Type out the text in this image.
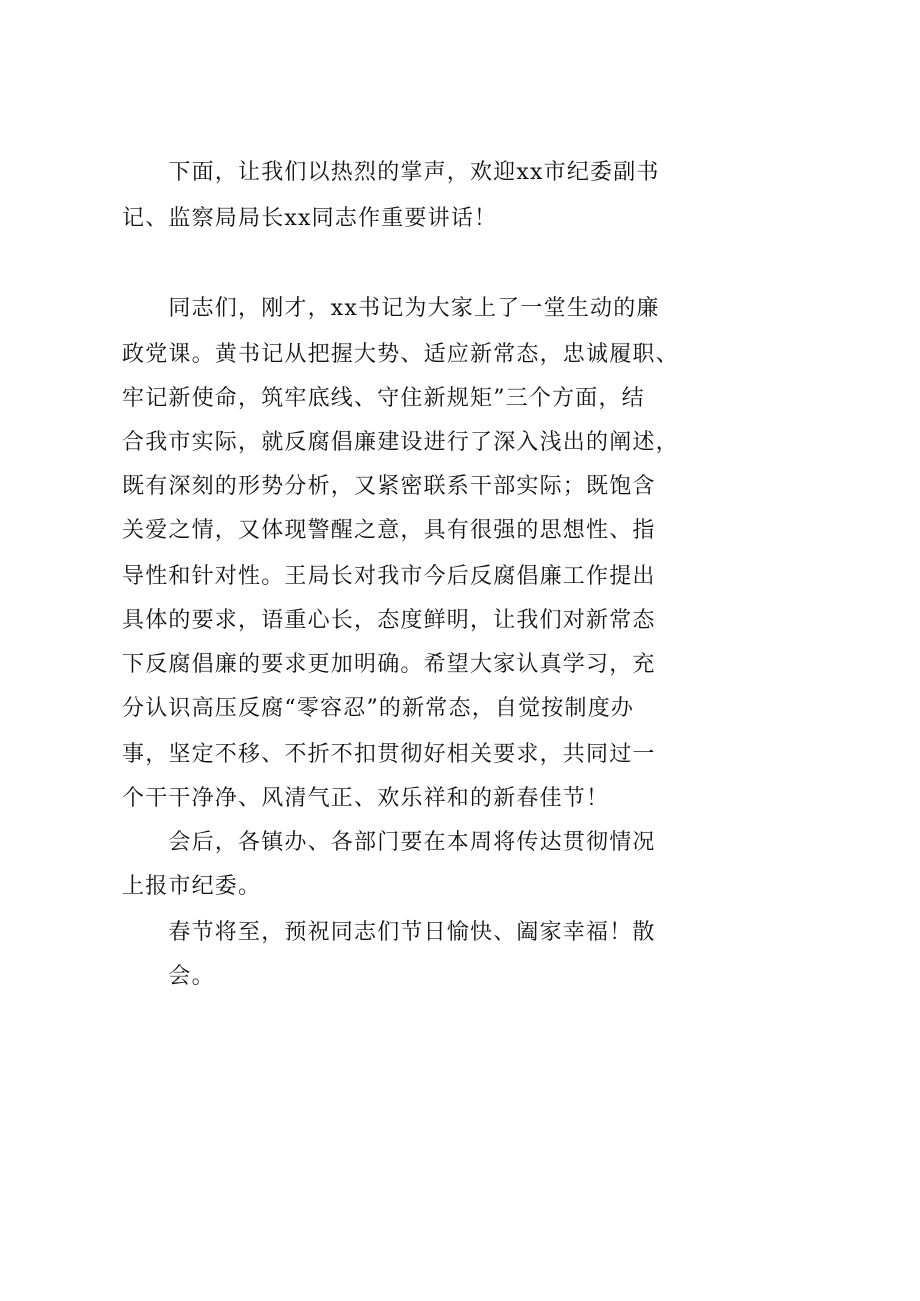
　　下面，让我们以热烈的掌声，欢迎xx市纪委副书
记、监察局局长xx同志作重要讲话！
　　同志们，刚才，xx书记为大家上了一堂生动的廉
政党课。黄书记从把握大势、适应新常态，忠诚履职、
牢记新使命，筑牢底线、守住新规矩”三个方面，结
合我市实际，就反腐倡廉建设进行了深入浅出的阐述，
既有深刻的形势分析，又紧密联系干部实际；既饱含
关爱之情，又体现警醒之意，具有很强的思想性、指
导性和针对性。王局长对我市今后反腐倡廉工作提出
具体的要求，语重心长，态度鲜明，让我们对新常态
下反腐倡廉的要求更加明确。希望大家认真学习，充
分认识高压反腐“零容忍”的新常态，自觉按制度办
事，坚定不移、不折不扣贯彻好相关要求，共同过一
个干干净净、风清气正、欢乐祥和的新春佳节！
　　会后，各镇办、各部门要在本周将传达贯彻情况
上报市纪委。
　　春节将至，预祝同志们节日愉快、阖家幸福！散
　　会。
